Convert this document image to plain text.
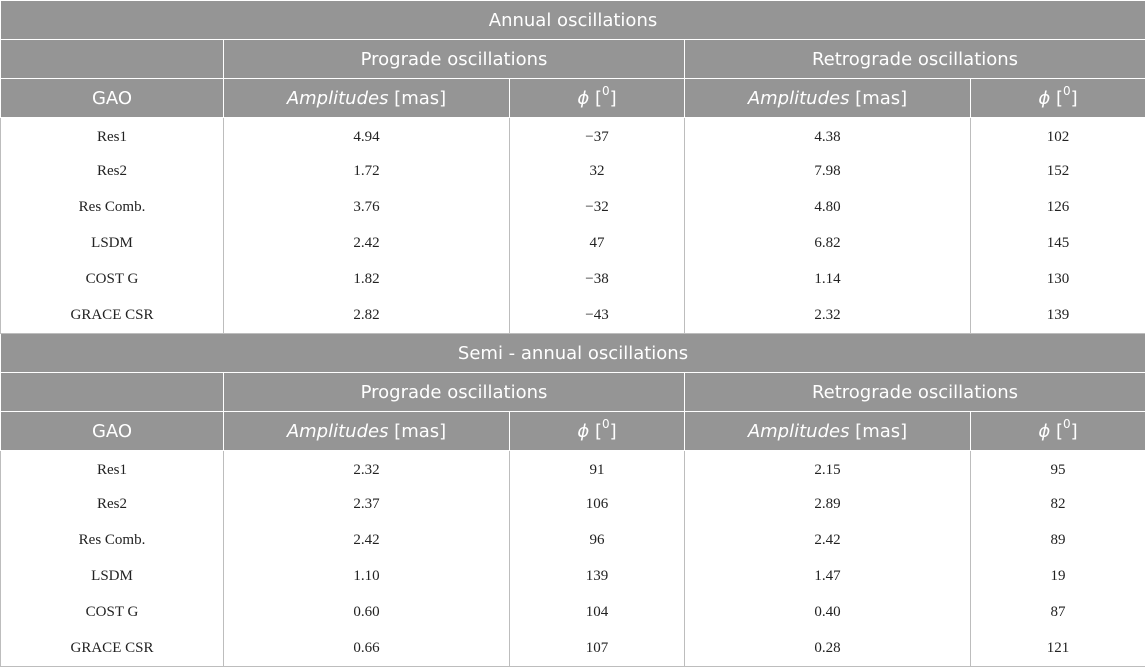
Annual oscillations				
	Prograde oscillations		Retrograde oscillations	
GAO	Amplitudes [mas]	ϕ [$^0$]	Amplitudes [mas]	ϕ [$^0$]
Res1	4.94	−37	4.38	102
Res2	1.72	32	7.98	152
Res Comb.	3.76	−32	4.80	126
LSDM	2.42	47	6.82	145
COST G	1.82	−38	1.14	130
GRACE CSR	2.82	−43	2.32	139
Semi - annual oscillations				
	Prograde oscillations		Retrograde oscillations	
GAO	Amplitudes [mas]	ϕ [$^0$]	Amplitudes [mas]	ϕ [$^0$]
Res1	2.32	91	2.15	95
Res2	2.37	106	2.89	82
Res Comb.	2.42	96	2.42	89
LSDM	1.10	139	1.47	19
COST G	0.60	104	0.40	87
GRACE CSR	0.66	107	0.28	121
